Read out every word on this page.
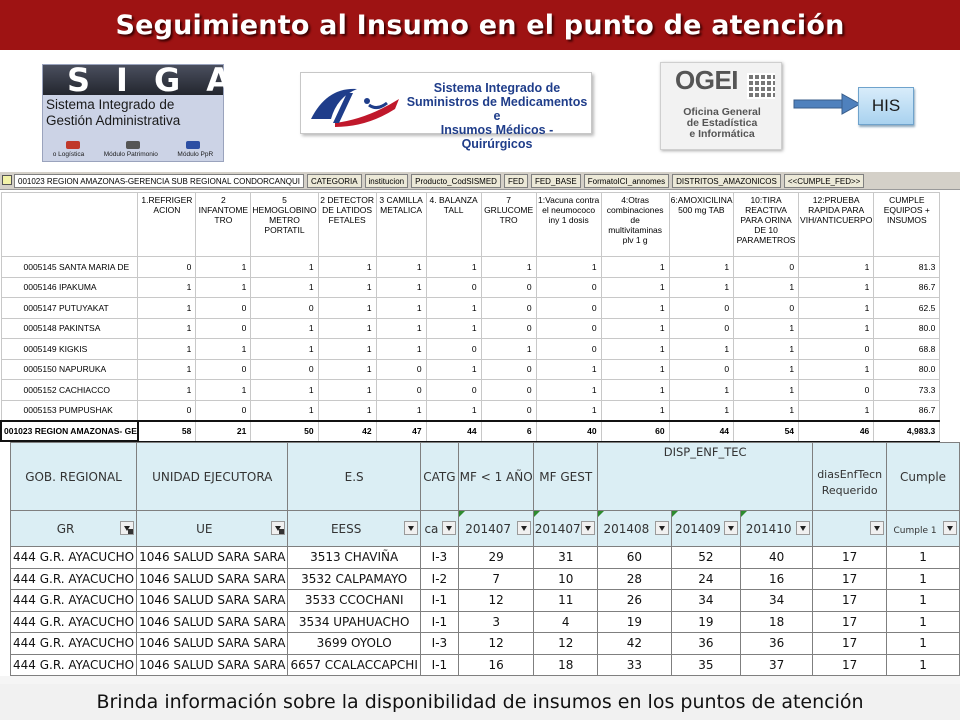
Seguimiento al Insumo en el punto de atención
SIGA
Sistema Integrado de
Gestión Administrativa
o Logística	Módulo Patrimonio	Módulo PpR
Sistema Integrado de
Suministros de Medicamentos e
Insumos Médicos - Quirúrgicos
OGEI
Oficina General
de Estadística
e Informática
HIS
001023 REGION AMAZONAS-GERENCIA SUB REGIONAL CONDORCANQUI	CATEGORIA	institucion	Producto_CodSISMED	FED	FED_BASE	FormatoICI_annomes	DISTRITOS_AMAZONICOS	<<CUMPLE_FED>>
	1.REFRIGER ACION	2 INFANTOME TRO	5 HEMOGLOBINO METRO PORTATIL	2 DETECTOR DE LATIDOS FETALES	3 CAMILLA METALICA	4. BALANZA TALL	7 GRLUCOME TRO	1:Vacuna contra el neumococo iny 1 dosis	4:Otras combinaciones de multivitaminas plv 1 g	6:AMOXICILINA 500 mg TAB	10:TIRA REACTIVA PARA ORINA DE 10 PARAMETROS	12:PRUEBA RAPIDA PARA VIH/ANTICUERPO	CUMPLE EQUIPOS + INSUMOS
0005145 SANTA MARIA DE	0	1	1	1	1	1	1	1	1	1	0	1	81.3
0005146 IPAKUMA	1	1	1	1	1	0	0	0	1	1	1	1	86.7
0005147 PUTUYAKAT	1	0	0	1	1	1	0	0	1	0	0	1	62.5
0005148 PAKINTSA	1	0	1	1	1	1	0	0	1	0	1	1	80.0
0005149 KIGKIS	1	1	1	1	1	0	1	0	1	1	1	0	68.8
0005150 NAPURUKA	1	0	0	1	0	1	0	1	1	0	1	1	80.0
0005152 CACHIACCO	1	1	1	1	0	0	0	1	1	1	1	0	73.3
0005153 PUMPUSHAK	0	0	1	1	1	1	0	1	1	1	1	1	86.7
001023 REGION AMAZONAS- GE	58	21	50	42	47	44	6	40	60	44	54	46	4,983.3
GOB. REGIONAL	UNIDAD EJECUTORA	E.S	CATG	MF < 1 AÑO	MF GEST	DISP_ENF_TEC			diasEnfTecn Requerido	Cumple
GR	UE	EESS	ca	201407	201407	201408	201409	201410		Cumple 1

444 G.R. AYACUCHO	1046 SALUD SARA SARA	3513 CHAVIÑA	I-3	29	31	60	52	40	17	1
444 G.R. AYACUCHO	1046 SALUD SARA SARA	3532 CALPAMAYO	I-2	7	10	28	24	16	17	1
444 G.R. AYACUCHO	1046 SALUD SARA SARA	3533 CCOCHANI	I-1	12	11	26	34	34	17	1
444 G.R. AYACUCHO	1046 SALUD SARA SARA	3534 UPAHUACHO	I-1	3	4	19	19	18	17	1
444 G.R. AYACUCHO	1046 SALUD SARA SARA	3699 OYOLO	I-3	12	12	42	36	36	17	1
444 G.R. AYACUCHO	1046 SALUD SARA SARA	6657 CCALACCAPCHI	I-1	16	18	33	35	37	17	1
Brinda información sobre la disponibilidad de insumos en los puntos de atención
